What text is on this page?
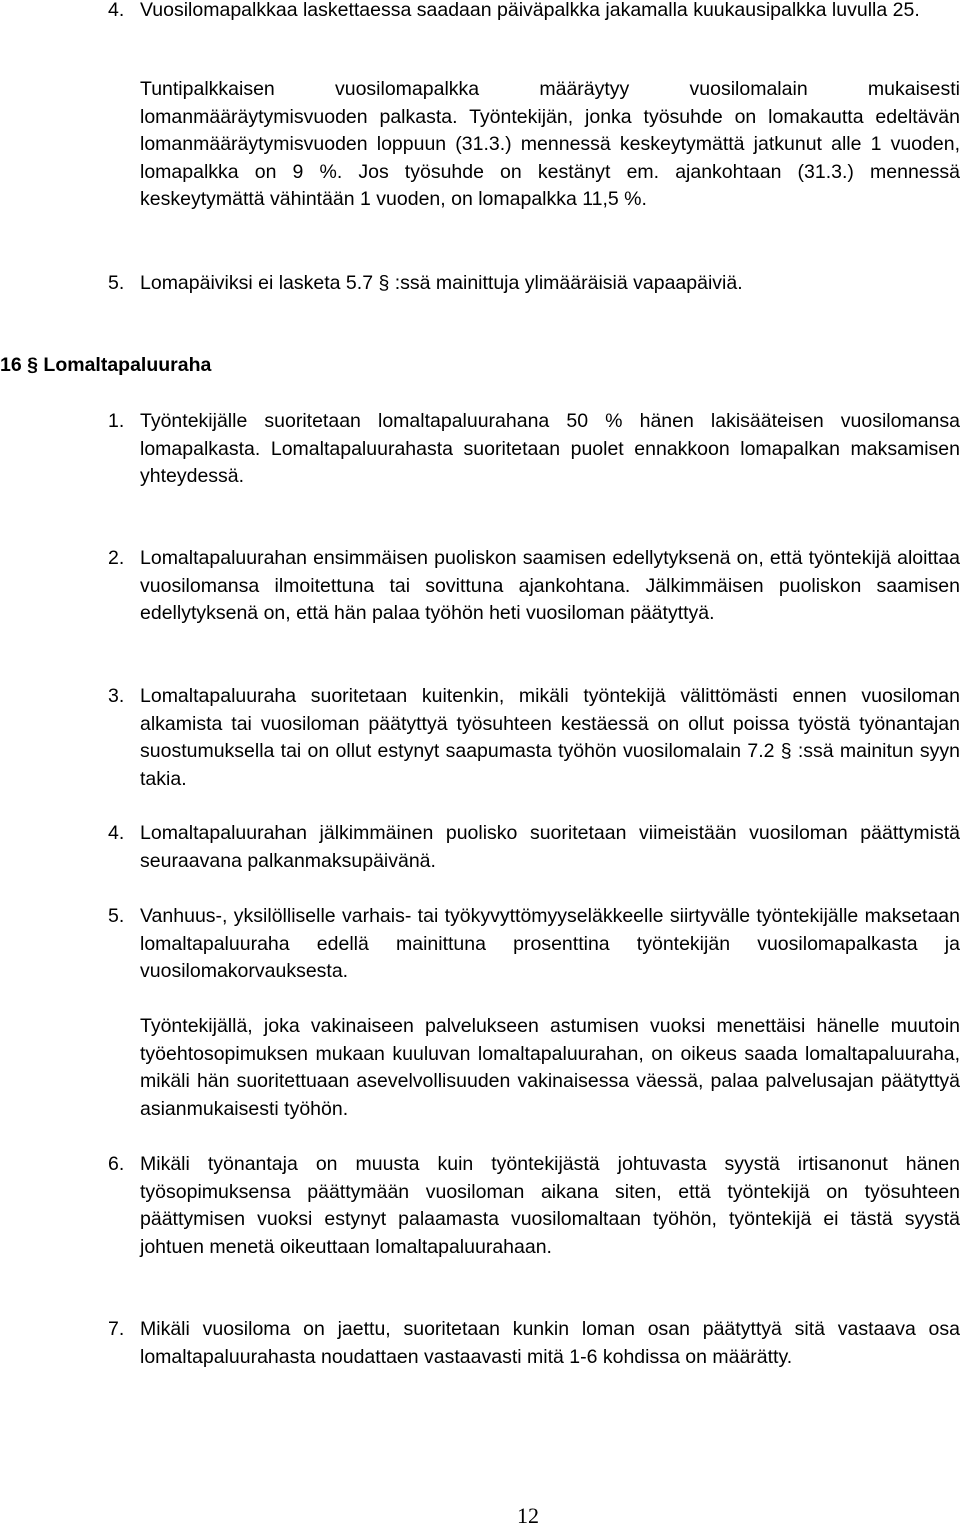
4. Vuosilomapalkkaa laskettaessa saadaan päiväpalkka jakamalla kuukausipalkka luvulla 25.
Tuntipalkkaisen vuosilomapalkka määräytyy vuosilomalain mukaisesti lomanmääräytymisvuoden palkasta. Työntekijän, jonka työsuhde on lomakautta edeltävän lomanmääräytymisvuoden loppuun (31.3.) mennessä keskeytymättä jatkunut alle 1 vuoden, lomapalkka on 9 %. Jos työsuhde on kestänyt em. ajankohtaan (31.3.) mennessä keskeytymättä vähintään 1 vuoden, on lomapalkka 11,5 %.
5. Lomapäiviksi ei lasketa 5.7 § :ssä mainittuja ylimääräisiä vapaapäiviä.
16 § Lomaltapaluuraha
1. Työntekijälle suoritetaan lomaltapaluurahana 50 % hänen lakisääteisen vuosilomansa lomapalkasta. Lomaltapaluurahasta suoritetaan puolet ennakkoon lomapalkan maksamisen yhteydessä.
2. Lomaltapaluurahan ensimmäisen puoliskon saamisen edellytyksenä on, että työntekijä aloittaa vuosilomansa ilmoitettuna tai sovittuna ajankohtana. Jälkimmäisen puoliskon saamisen edellytyksenä on, että hän palaa työhön heti vuosiloman päätyttyä.
3. Lomaltapaluuraha suoritetaan kuitenkin, mikäli työntekijä välittömästi ennen vuosiloman alkamista tai vuosiloman päätyttyä työsuhteen kestäessä on ollut poissa työstä työnantajan suostumuksella tai on ollut estynyt saapumasta työhön vuosilomalain 7.2 § :ssä mainitun syyn takia.
4. Lomaltapaluurahan jälkimmäinen puolisko suoritetaan viimeistään vuosiloman päättymistä seuraavana palkanmaksupäivänä.
5. Vanhuus-, yksilölliselle varhais- tai työkyvyttömyyseläkkeelle siirtyvälle työntekijälle maksetaan lomaltapaluuraha edellä mainittuna prosenttina työntekijän vuosilomapalkasta ja vuosilomakorvauksesta.
Työntekijällä, joka vakinaiseen palvelukseen astumisen vuoksi menettäisi hänelle muutoin työehtosopimuksen mukaan kuuluvan lomaltapaluurahan, on oikeus saada lomaltapaluuraha, mikäli hän suoritettuaan asevelvollisuuden vakinaisessa väessä, palaa palvelusajan päätyttyä asianmukaisesti työhön.
6. Mikäli työnantaja on muusta kuin työntekijästä johtuvasta syystä irtisanonut hänen työsopimuksensa päättymään vuosiloman aikana siten, että työntekijä on työsuhteen päättymisen vuoksi estynyt palaamasta vuosilomaltaan työhön, työntekijä ei tästä syystä johtuen menetä oikeuttaan lomaltapaluurahaan.
7. Mikäli vuosiloma on jaettu, suoritetaan kunkin loman osan päätyttyä sitä vastaava osa lomaltapaluurahasta noudattaen vastaavasti mitä 1-6 kohdissa on määrätty.
12
